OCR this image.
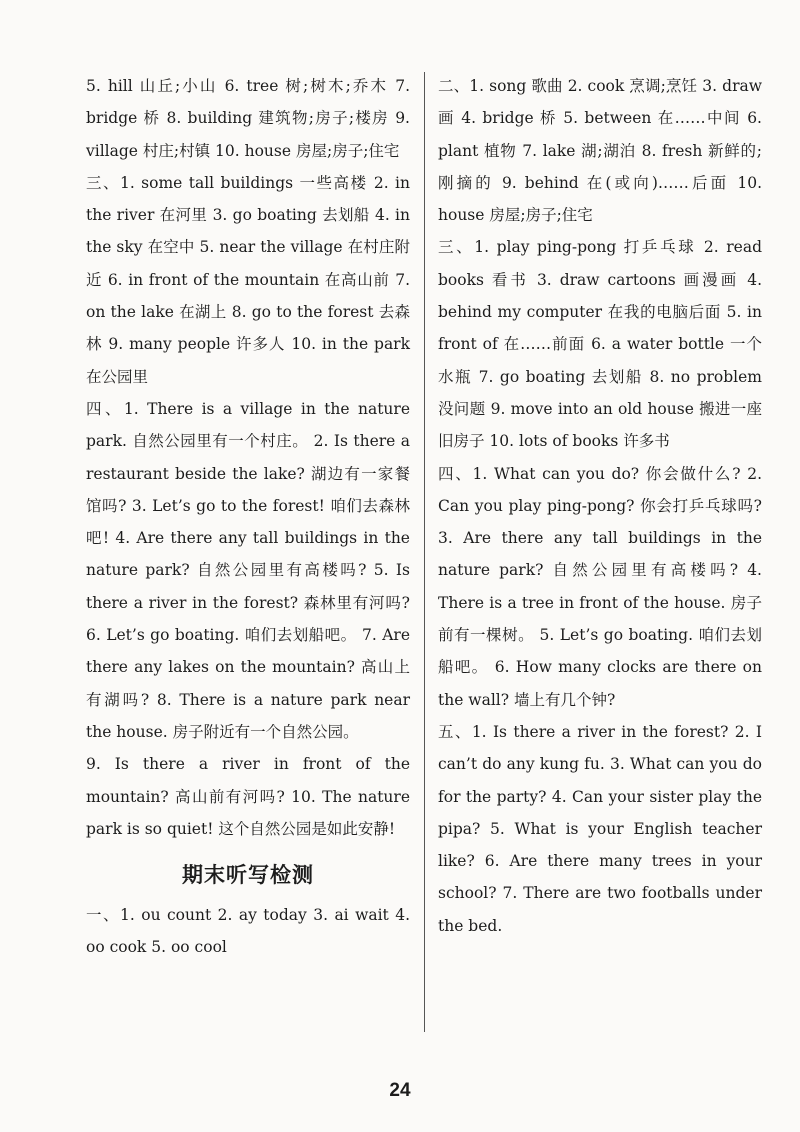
5. hill 山丘;小山 6. tree 树;树木;乔木 7. bridge 桥 8. building 建筑物;房子;楼房 9. village 村庄;村镇 10. house 房屋;房子;住宅

三、1. some tall buildings 一些高楼 2. in the river 在河里 3. go boating 去划船 4. in the sky 在空中 5. near the village 在村庄附近 6. in front of the mountain 在高山前 7. on the lake 在湖上 8. go to the forest 去森林 9. many people 许多人 10. in the park 在公园里

四、1. There is a village in the nature park. 自然公园里有一个村庄。 2. Is there a restaurant beside the lake? 湖边有一家餐馆吗? 3. Let’s go to the forest! 咱们去森林吧! 4. Are there any tall buildings in the nature park? 自然公园里有高楼吗? 5. Is there a river in the forest? 森林里有河吗? 6. Let’s go boating. 咱们去划船吧。 7. Are there any lakes on the mountain? 高山上有湖吗? 8. There is a nature park near the house. 房子附近有一个自然公园。

9. Is there a river in front of the mountain? 高山前有河吗? 10. The nature park is so quiet! 这个自然公园是如此安静!

期末听写检测

一、1. ou count 2. ay today 3. ai wait 4. oo cook 5. oo cool

二、1. song 歌曲 2. cook 烹调;烹饪 3. draw 画 4. bridge 桥 5. between 在……中间 6. plant 植物 7. lake 湖;湖泊 8. fresh 新鲜的;刚摘的 9. behind 在(或向)……后面 10. house 房屋;房子;住宅

三、1. play ping-pong 打乒乓球 2. read books 看书 3. draw cartoons 画漫画 4. behind my computer 在我的电脑后面 5. in front of 在……前面 6. a water bottle 一个水瓶 7. go boating 去划船 8. no problem 没问题 9. move into an old house 搬进一座旧房子 10. lots of books 许多书

四、1. What can you do? 你会做什么? 2. Can you play ping-pong? 你会打乒乓球吗? 3. Are there any tall buildings in the nature park? 自然公园里有高楼吗? 4. There is a tree in front of the house. 房子前有一棵树。 5. Let’s go boating. 咱们去划船吧。 6. How many clocks are there on the wall? 墙上有几个钟?

五、1. Is there a river in the forest? 2. I can’t do any kung fu. 3. What can you do for the party? 4. Can your sister play the pipa? 5. What is your English teacher like? 6. Are there many trees in your school? 7. There are two footballs under the bed.

24
